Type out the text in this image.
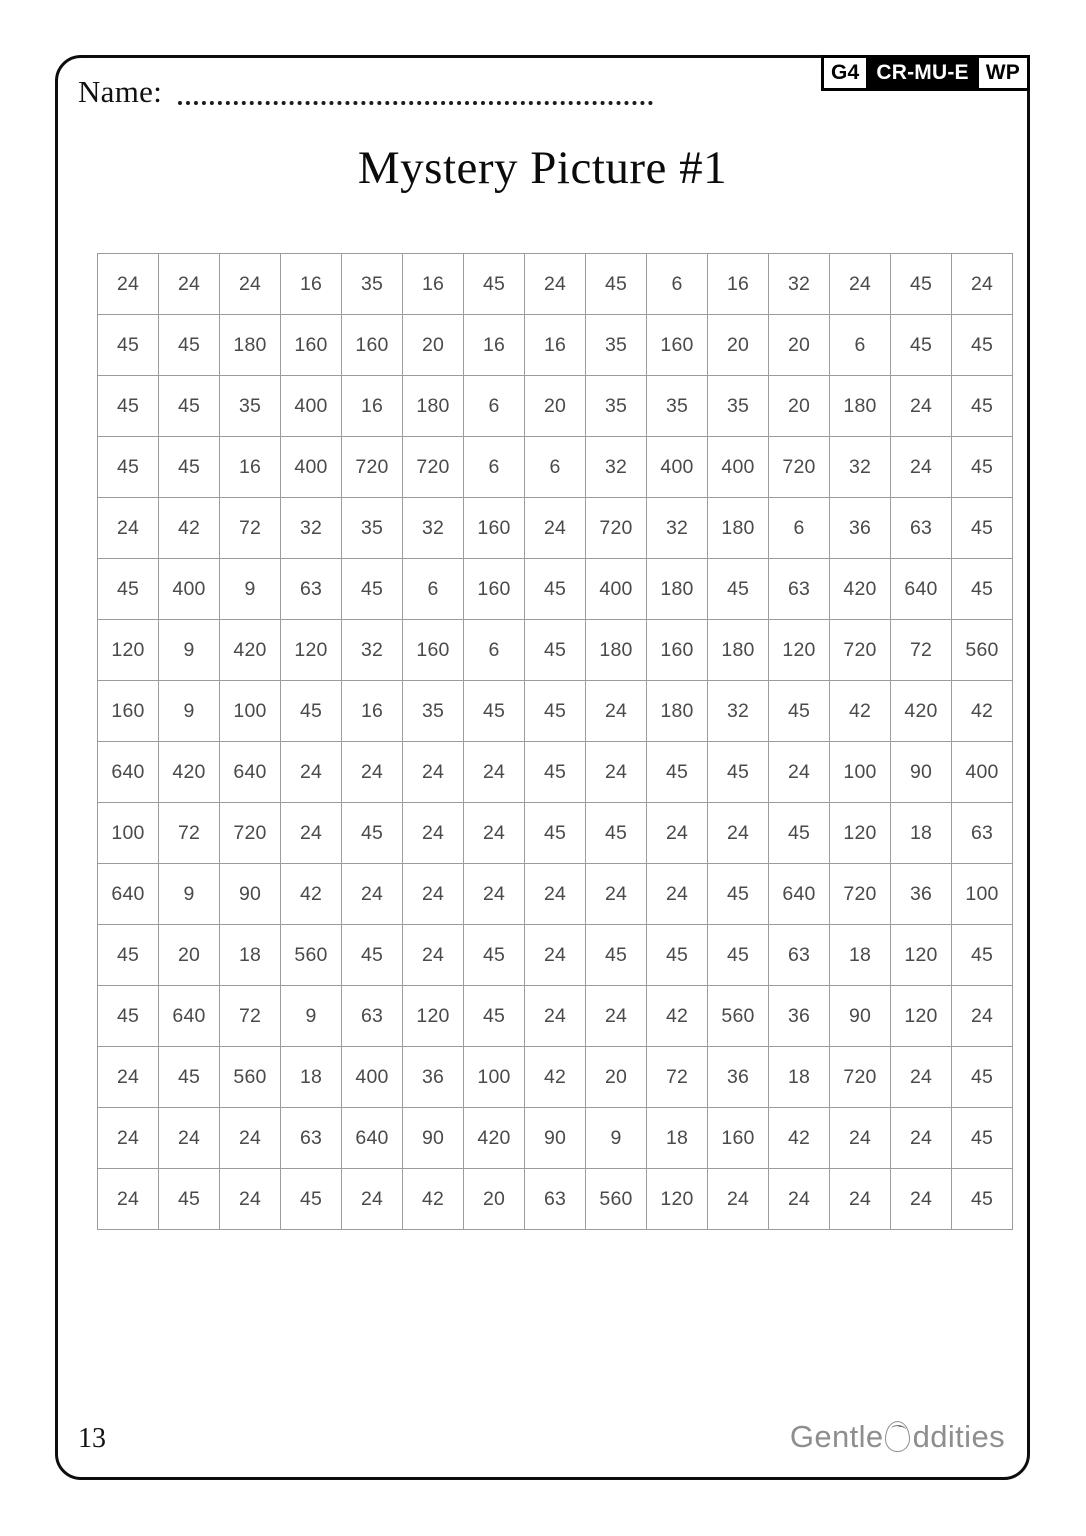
G4 CR-MU-E WP
Name:
Mystery Picture #1
24	24	24	16	35	16	45	24	45	6	16	32	24	45	24
45	45	180	160	160	20	16	16	35	160	20	20	6	45	45
45	45	35	400	16	180	6	20	35	35	35	20	180	24	45
45	45	16	400	720	720	6	6	32	400	400	720	32	24	45
24	42	72	32	35	32	160	24	720	32	180	6	36	63	45
45	400	9	63	45	6	160	45	400	180	45	63	420	640	45
120	9	420	120	32	160	6	45	180	160	180	120	720	72	560
160	9	100	45	16	35	45	45	24	180	32	45	42	420	42
640	420	640	24	24	24	24	45	24	45	45	24	100	90	400
100	72	720	24	45	24	24	45	45	24	24	45	120	18	63
640	9	90	42	24	24	24	24	24	24	45	640	720	36	100
45	20	18	560	45	24	45	24	45	45	45	63	18	120	45
45	640	72	9	63	120	45	24	24	42	560	36	90	120	24
24	45	560	18	400	36	100	42	20	72	36	18	720	24	45
24	24	24	63	640	90	420	90	9	18	160	42	24	24	45
24	45	24	45	24	42	20	63	560	120	24	24	24	24	45
13	Gentle ddities
